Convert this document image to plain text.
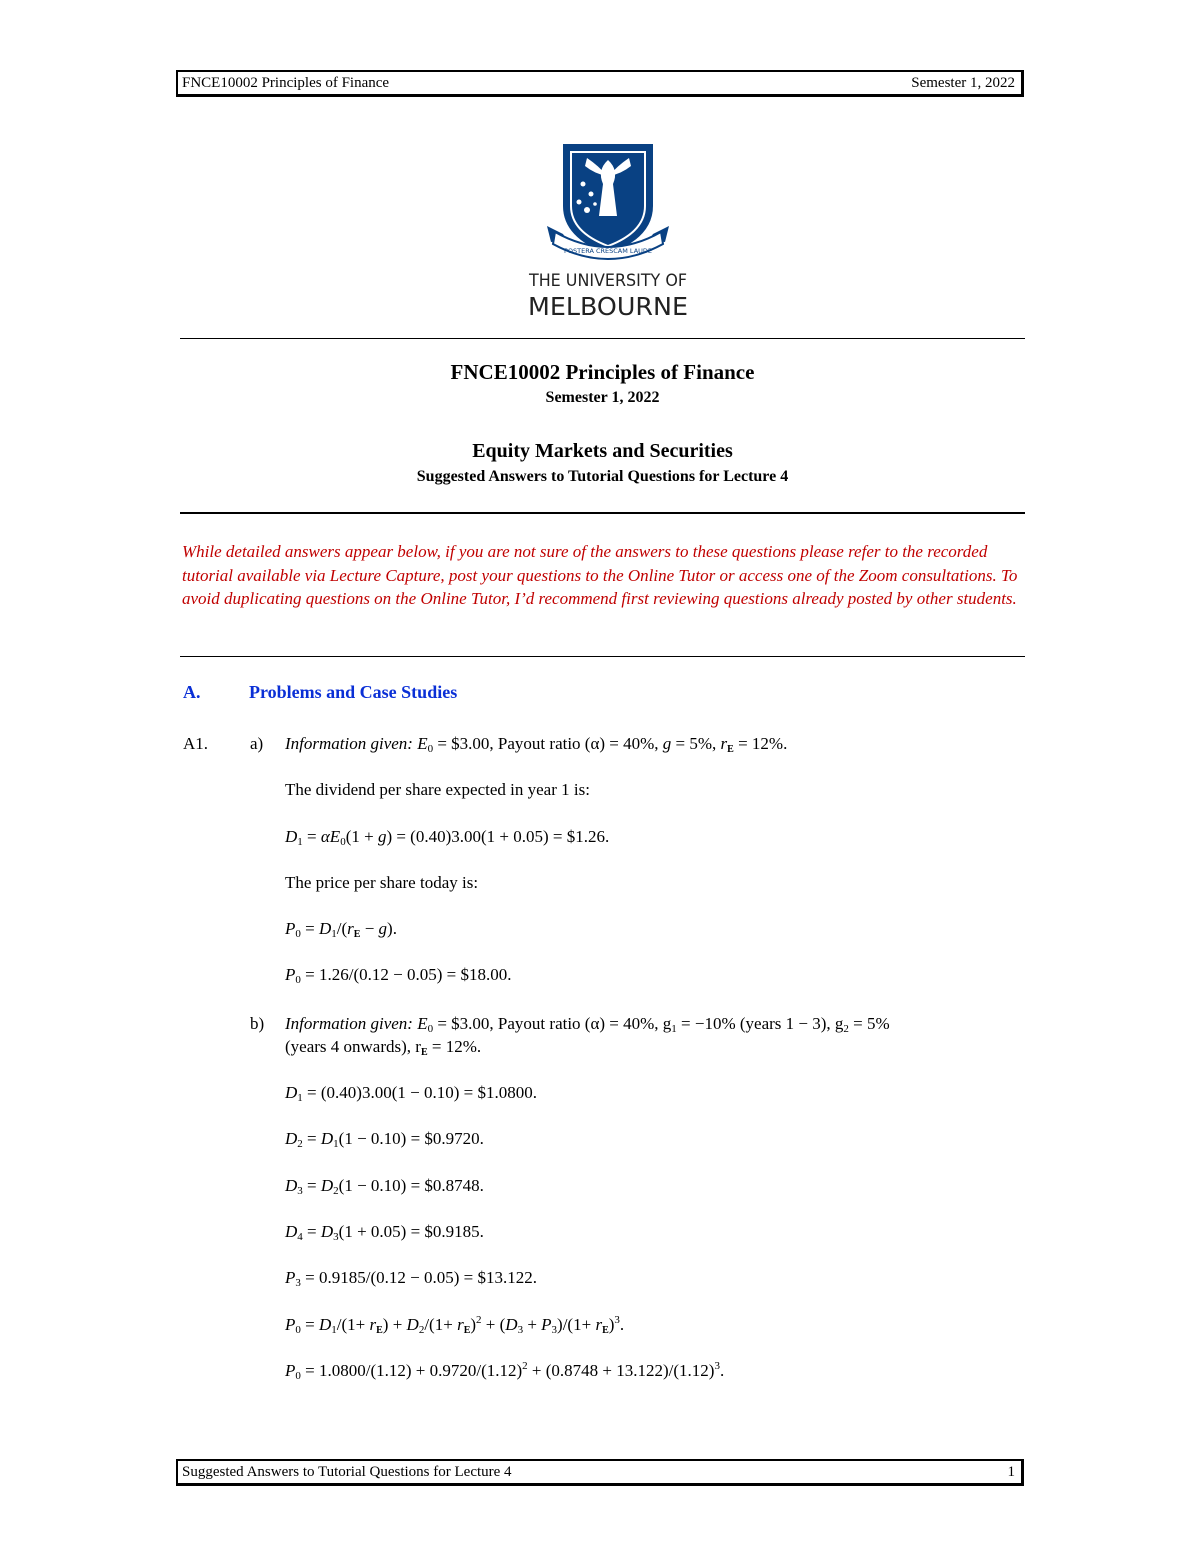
FNCE10002 Principles of Finance	Semester 1, 2022
POSTERA CRESCAM LAUDE
THE UNIVERSITY OF
MELBOURNE
FNCE10002 Principles of Finance
Semester 1, 2022
Equity Markets and Securities
Suggested Answers to Tutorial Questions for Lecture 4
While detailed answers appear below, if you are not sure of the answers to these questions please refer to the recorded tutorial available via Lecture Capture, post your questions to the Online Tutor or access one of the Zoom consultations. To avoid duplicating questions on the Online Tutor, I’d recommend first reviewing questions already posted by other students.
A.	Problems and Case Studies
A1. a) Information given: $E_0$ = $3.00, Payout ratio (α) = 40%, g = 5%, $r_E = 12\%$.
The dividend per share expected in year 1 is:
$D_1 = \alpha E_0(1 + g) = (0.40)3.00(1 + 0.05)$ = $1.26.
The price per share today is:
$P_0 = D_1/(r_E - g)$.
$P_0 = 1.26/(0.12 - 0.05)$ = $18.00.
b) Information given: $E_0$ = $3.00, Payout ratio (α) = 40%, $g_1 = -10\%$ (years 1 − 3), $g_2 = 5\%$
(years 4 onwards), $r_E = 12\%$.
$D_1 = (0.40)3.00(1 - 0.10)$ = $1.0800.
$D_2 = D_1(1 - 0.10)$ = $0.9720.
$D_3 = D_2(1 - 0.10)$ = $0.8748.
$D_4 = D_3(1 + 0.05)$ = $0.9185.
$P_3 = 0.9185/(0.12 - 0.05)$ = $13.122.
$P_0 = D_1/(1+ r_E) + D_2/(1+ r_E)^2 + (D_3 + P_3)/(1+ r_E)^3$.
$P_0 = 1.0800/(1.12) + 0.9720/(1.12)^2 + (0.8748 + 13.122)/(1.12)^3$.
Suggested Answers to Tutorial Questions for Lecture 4	1
